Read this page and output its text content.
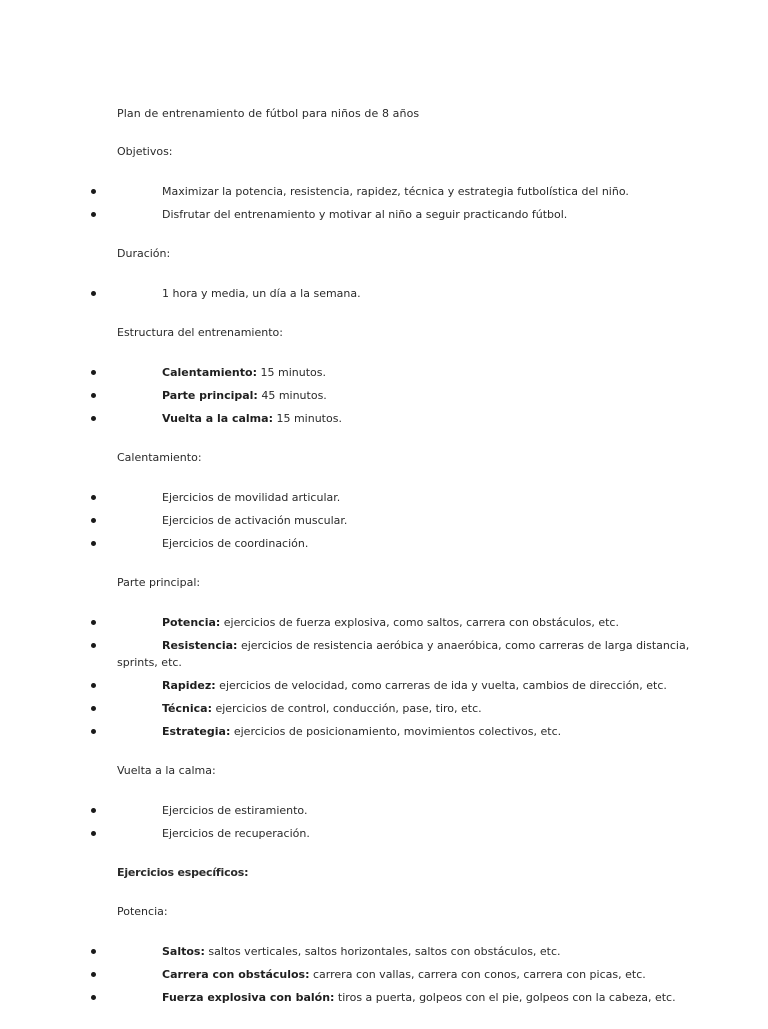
Plan de entrenamiento de fútbol para niños de 8 años
Objetivos:
Maximizar la potencia, resistencia, rapidez, técnica y estrategia futbolística del niño.
Disfrutar del entrenamiento y motivar al niño a seguir practicando fútbol.
Duración:
1 hora y media, un día a la semana.
Estructura del entrenamiento:
Calentamiento: 15 minutos.
Parte principal: 45 minutos.
Vuelta a la calma: 15 minutos.
Calentamiento:
Ejercicios de movilidad articular.
Ejercicios de activación muscular.
Ejercicios de coordinación.
Parte principal:
Potencia: ejercicios de fuerza explosiva, como saltos, carrera con obstáculos, etc.
Resistencia: ejercicios de resistencia aeróbica y anaeróbica, como carreras de larga distancia,
sprints, etc.
Rapidez: ejercicios de velocidad, como carreras de ida y vuelta, cambios de dirección, etc.
Técnica: ejercicios de control, conducción, pase, tiro, etc.
Estrategia: ejercicios de posicionamiento, movimientos colectivos, etc.
Vuelta a la calma:
Ejercicios de estiramiento.
Ejercicios de recuperación.
Ejercicios específicos:
Potencia:
Saltos: saltos verticales, saltos horizontales, saltos con obstáculos, etc.
Carrera con obstáculos: carrera con vallas, carrera con conos, carrera con picas, etc.
Fuerza explosiva con balón: tiros a puerta, golpeos con el pie, golpeos con la cabeza, etc.
